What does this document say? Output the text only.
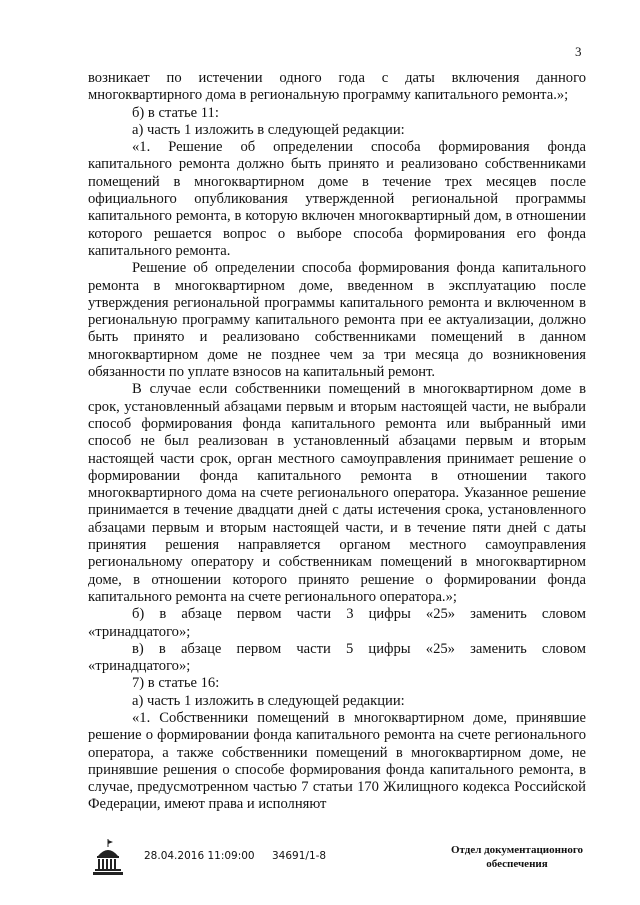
3

возникает по истечении одного года с даты включения данного многоквартирного дома в региональную программу капитального ремонта.»;

б) в статье 11:

а) часть 1 изложить в следующей редакции:

«1. Решение об определении способа формирования фонда капитального ремонта должно быть принято и реализовано собственниками помещений в многоквартирном доме в течение трех месяцев после официального опубликования утвержденной региональной программы капитального ремонта, в которую включен многоквартирный дом, в отношении которого решается вопрос о выборе способа формирования его фонда капитального ремонта.

Решение об определении способа формирования фонда капитального ремонта в многоквартирном доме, введенном в эксплуатацию после утверждения региональной программы капитального ремонта и включенном в региональную программу капитального ремонта при ее актуализации, должно быть принято и реализовано собственниками помещений в данном многоквартирном доме не позднее чем за три месяца до возникновения обязанности по уплате взносов на капитальный ремонт.

В случае если собственники помещений в многоквартирном доме в срок, установленный абзацами первым и вторым настоящей части, не выбрали способ формирования фонда капитального ремонта или выбранный ими способ не был реализован в установленный абзацами первым и вторым настоящей части срок, орган местного самоуправления принимает решение о формировании фонда капитального ремонта в отношении такого многоквартирного дома на счете регионального оператора. Указанное решение принимается в течение двадцати дней с даты истечения срока, установленного абзацами первым и вторым настоящей части, и в течение пяти дней с даты принятия решения направляется органом местного самоуправления региональному оператору и собственникам помещений в многоквартирном доме, в отношении которого принято решение о формировании фонда капитального ремонта на счете регионального оператора.»;

б) в абзаце первом части 3 цифры «25» заменить словом «тринадцатого»;

в) в абзаце первом части 5 цифры «25» заменить словом «тринадцатого»;

7) в статье 16:

а) часть 1 изложить в следующей редакции:

«1. Собственники помещений в многоквартирном доме, принявшие решение о формировании фонда капитального ремонта на счете регионального оператора, а также собственники помещений в многоквартирном доме, не принявшие решения о способе формирования фонда капитального ремонта, в случае, предусмотренном частью 7 статьи 170 Жилищного кодекса Российской Федерации, имеют права и исполняют

28.04.2016 11:09:00 34691/1-8	Отдел документационного
обеспечения
